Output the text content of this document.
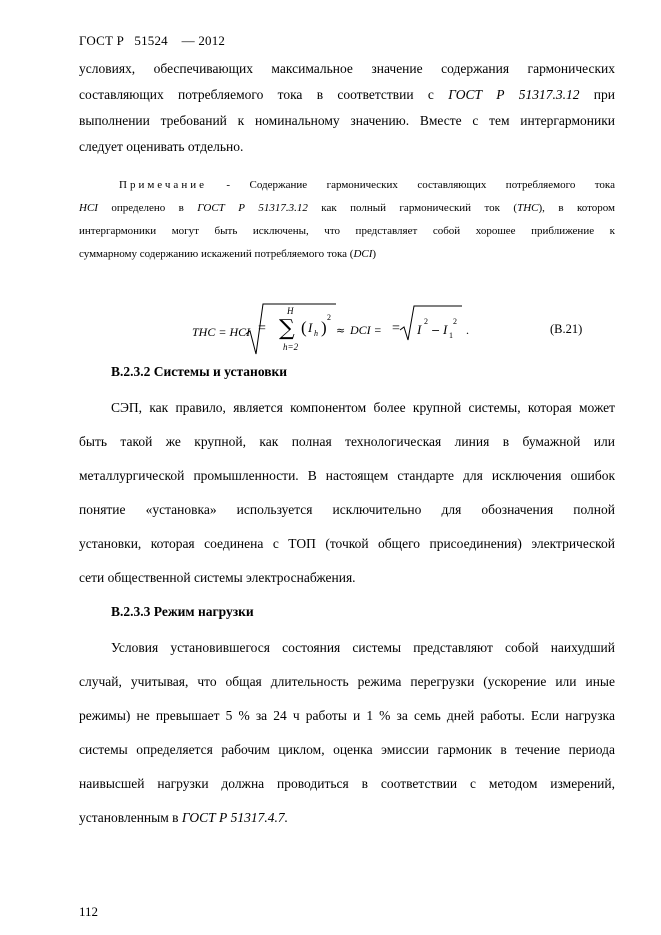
ГОСТ Р   51524    — 2012
условиях, обеспечивающих максимальное значение содержания гармонических
составляющих потребляемого тока в соответствии с ГОСТ Р 51317.3.12 при
выполнении требований к номинальному значению. Вместе с тем интергармоники
следует оценивать отдельно.
Примечание - Содержание гармонических составляющих потребляемого тока
HCI определено в ГОСТ Р 51317.3.12 как полный гармонический ток (THC), в котором
интергармоники могут быть исключены, что представляет собой хорошее приближение к
суммарному содержанию искажений потребляемого тока (DCI)
THC = HCI =
H
∑
h=2
( I h )
2
≈ DCI = = I
2
− I 1
2
.	(В.21)
В.2.3.2 Системы и установки
СЭП, как правило, является компонентом более крупной системы, которая может
быть такой же крупной, как полная технологическая линия в бумажной или
металлургической промышленности. В настоящем стандарте для исключения ошибок
понятие «установка» используется исключительно для обозначения полной
установки, которая соединена с ТОП (точкой общего присоединения) электрической
сети общественной системы электроснабжения.
В.2.3.3 Режим нагрузки
Условия установившегося состояния системы представляют собой наихудший
случай, учитывая, что общая длительность режима перегрузки (ускорение или иные
режимы) не превышает 5 % за 24 ч работы и 1 % за семь дней работы. Если нагрузка
системы определяется рабочим циклом, оценка эмиссии гармоник в течение периода
наивысшей нагрузки должна проводиться в соответствии с методом измерений,
установленным в ГОСТ Р 51317.4.7.
112
